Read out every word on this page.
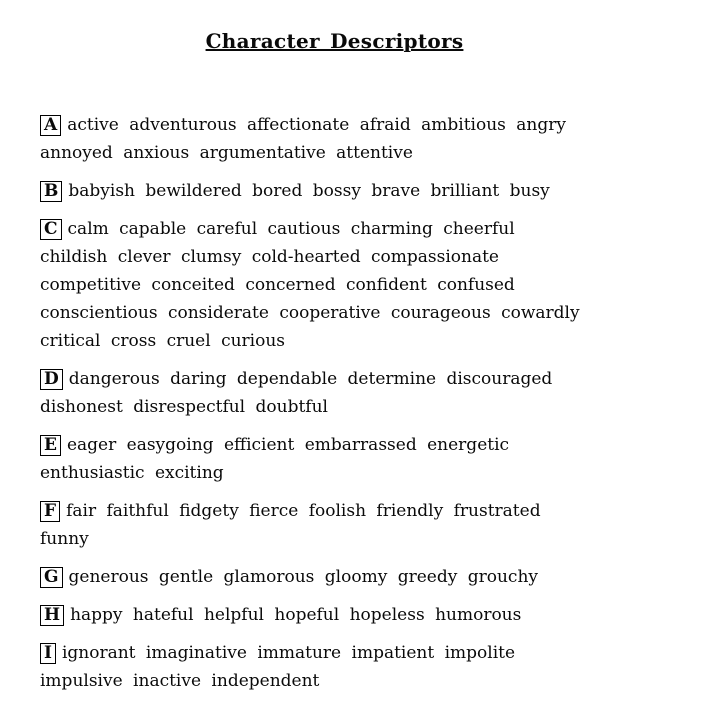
Character Descriptors

A active adventurous affectionate afraid ambitious angry

annoyed anxious argumentative attentive

B babyish bewildered bored bossy brave brilliant busy

C calm capable careful cautious charming cheerful

childish clever clumsy cold-hearted compassionate

competitive conceited concerned confident confused

conscientious considerate cooperative courageous cowardly

critical cross cruel curious

D dangerous daring dependable determine discouraged

dishonest disrespectful doubtful

E eager easygoing efficient embarrassed energetic

enthusiastic exciting

F fair faithful fidgety fierce foolish friendly frustrated

funny

G generous gentle glamorous gloomy greedy grouchy

H happy hateful helpful hopeful hopeless humorous

I ignorant imaginative immature impatient impolite

impulsive inactive independent
